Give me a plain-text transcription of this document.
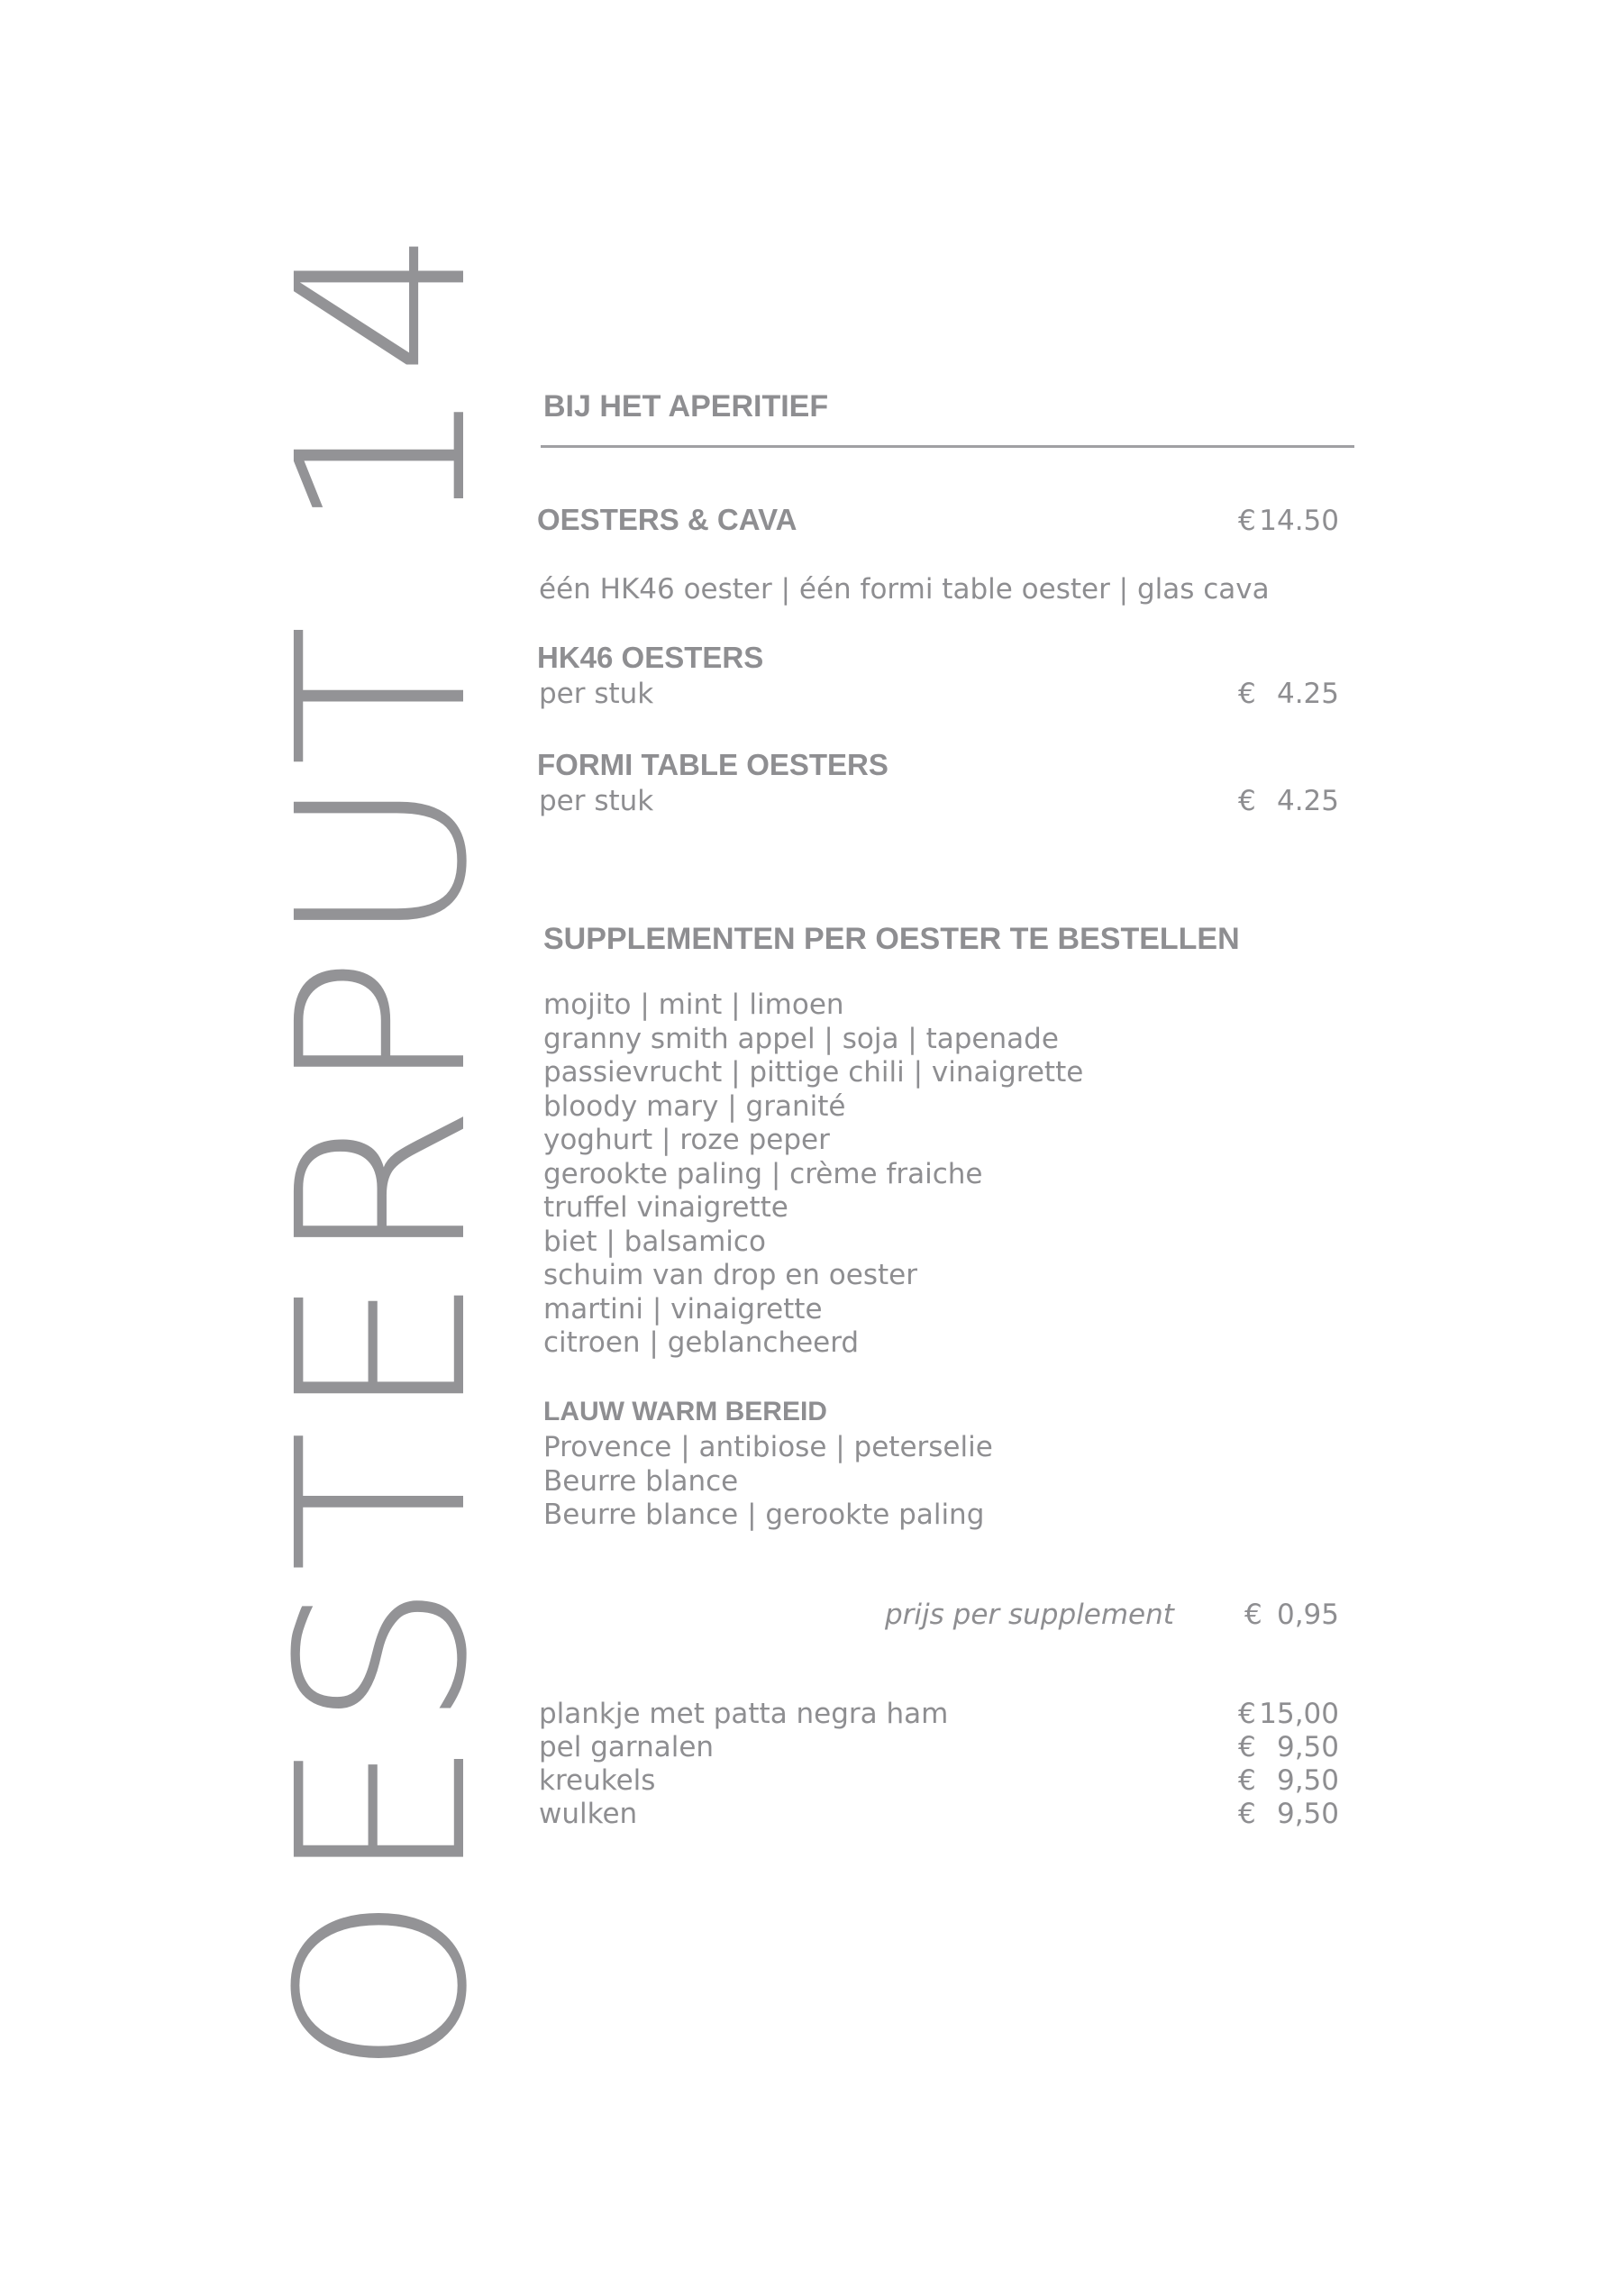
OESTERPUT 14 BIJ HET APERITIEF
OESTERS & CAVA	€ 14.50
één HK46 oester | één formi table oester | glas cava
HK46 OESTERS
per stuk	€ 4.25
FORMI TABLE OESTERS
per stuk	€ 4.25
SUPPLEMENTEN PER OESTER TE BESTELLEN
mojito | mint | limoen
granny smith appel | soja | tapenade
passievrucht | pittige chili | vinaigrette
bloody mary | granité
yoghurt | roze peper
gerookte paling | crème fraiche
truffel vinaigrette
biet | balsamico
schuim van drop en oester
martini | vinaigrette
citroen | geblancheerd
LAUW WARM BEREID
Provence | antibiose | peterselie
Beurre blance
Beurre blance | gerookte paling
prijs per supplement	€ 0,95
plankje met patta negra ham	€ 15,00
pel garnalen	€ 9,50
kreukels	€ 9,50
wulken	€ 9,50
